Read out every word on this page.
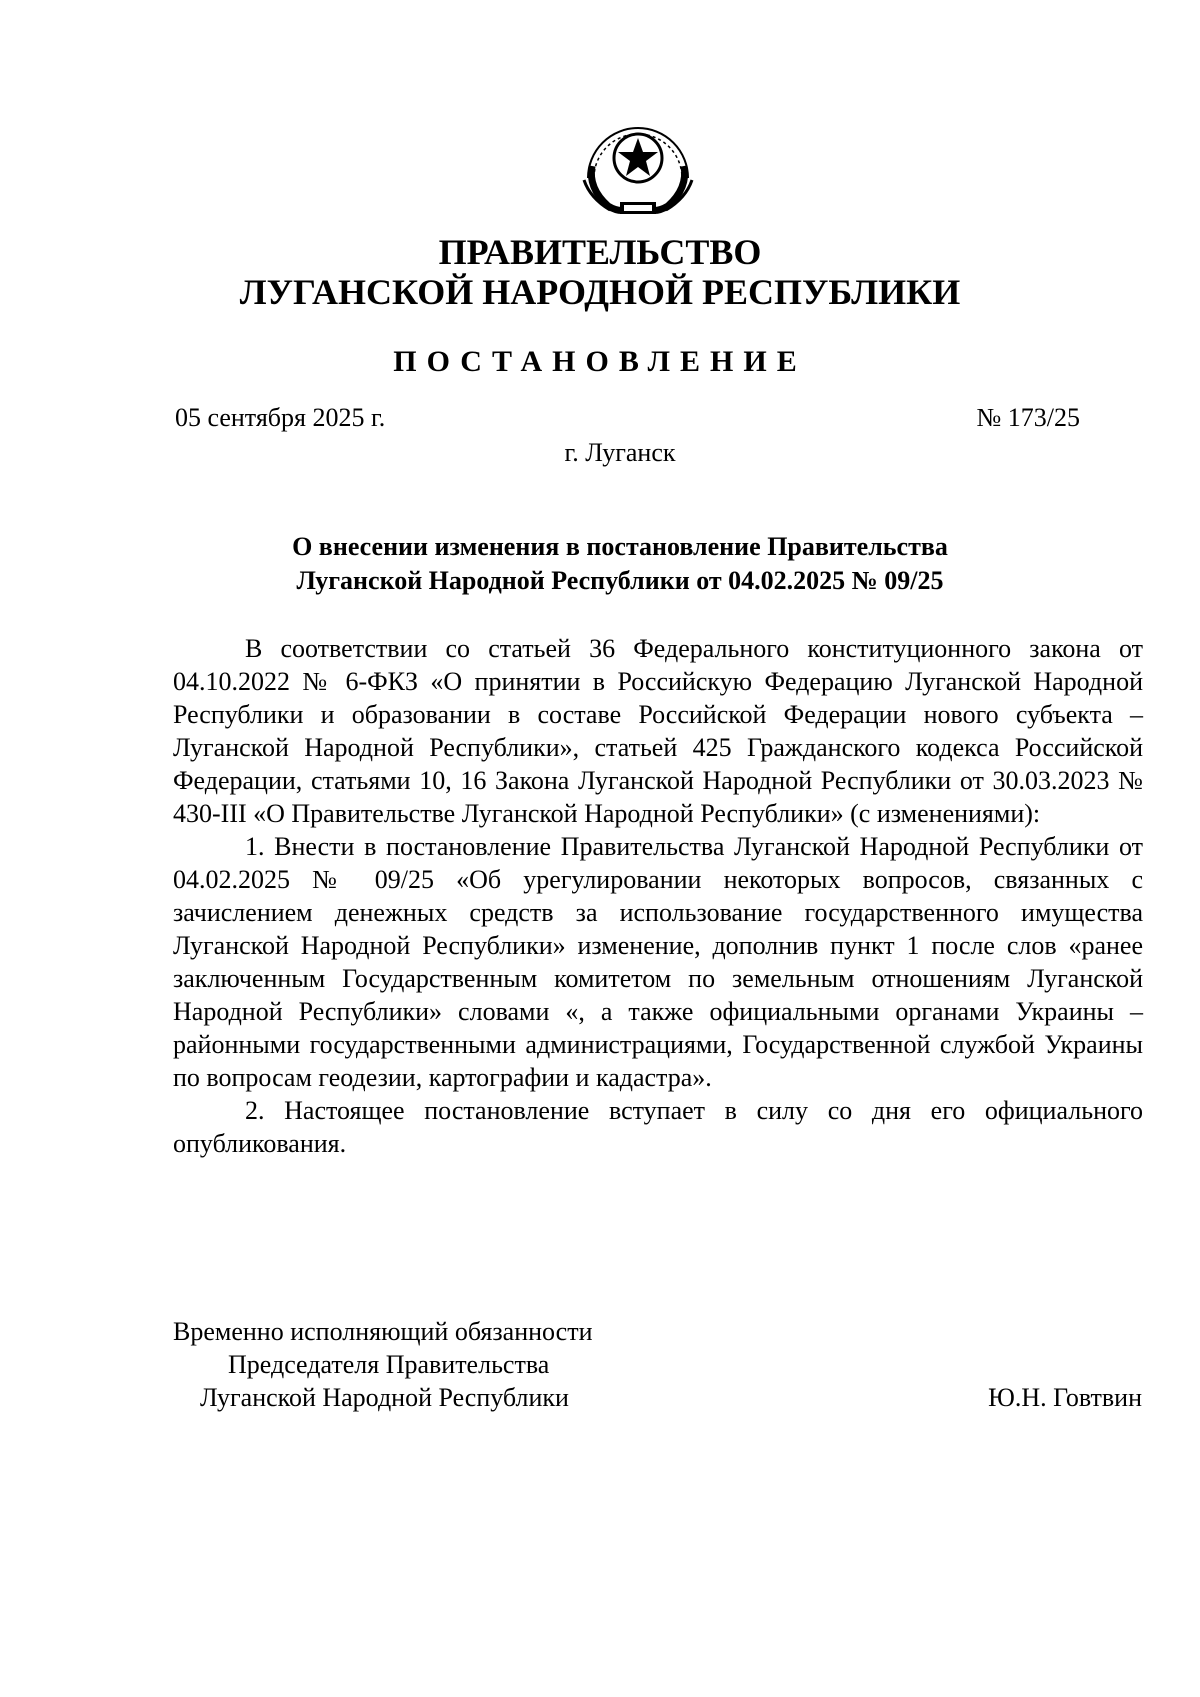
ПРАВИТЕЛЬСТВО
ЛУГАНСКОЙ НАРОДНОЙ РЕСПУБЛИКИ
ПОСТАНОВЛЕНИЕ
05 сентября 2025 г.	№ 173/25
г. Луганск
О внесении изменения в постановление Правительства
Луганской Народной Республики от 04.02.2025 № 09/25

В соответствии со статьей 36 Федерального конституционного закона от 04.10.2022 № 6-ФКЗ «О принятии в Российскую Федерацию Луганской Народной Республики и образовании в составе Российской Федерации нового субъекта – Луганской Народной Республики», статьей 425 Гражданского кодекса Российской Федерации, статьями 10, 16 Закона Луганской Народной Республики от 30.03.2023 № 430-III «О Правительстве Луганской Народной Республики» (с изменениями):

1. Внести в постановление Правительства Луганской Народной Республики от 04.02.2025 № 09/25 «Об урегулировании некоторых вопросов, связанных с зачислением денежных средств за использование государственного имущества Луганской Народной Республики» изменение, дополнив пункт 1 после слов «ранее заключенным Государственным комитетом по земельным отношениям Луганской Народной Республики» словами «, а также официальными органами Украины – районными государственными администрациями, Государственной службой Украины по вопросам геодезии, картографии и кадастра».

2. Настоящее постановление вступает в силу со дня его официального опубликования.

Временно исполняющий обязанности
Председателя Правительства
Луганской Народной Республики	Ю.Н. Говтвин
